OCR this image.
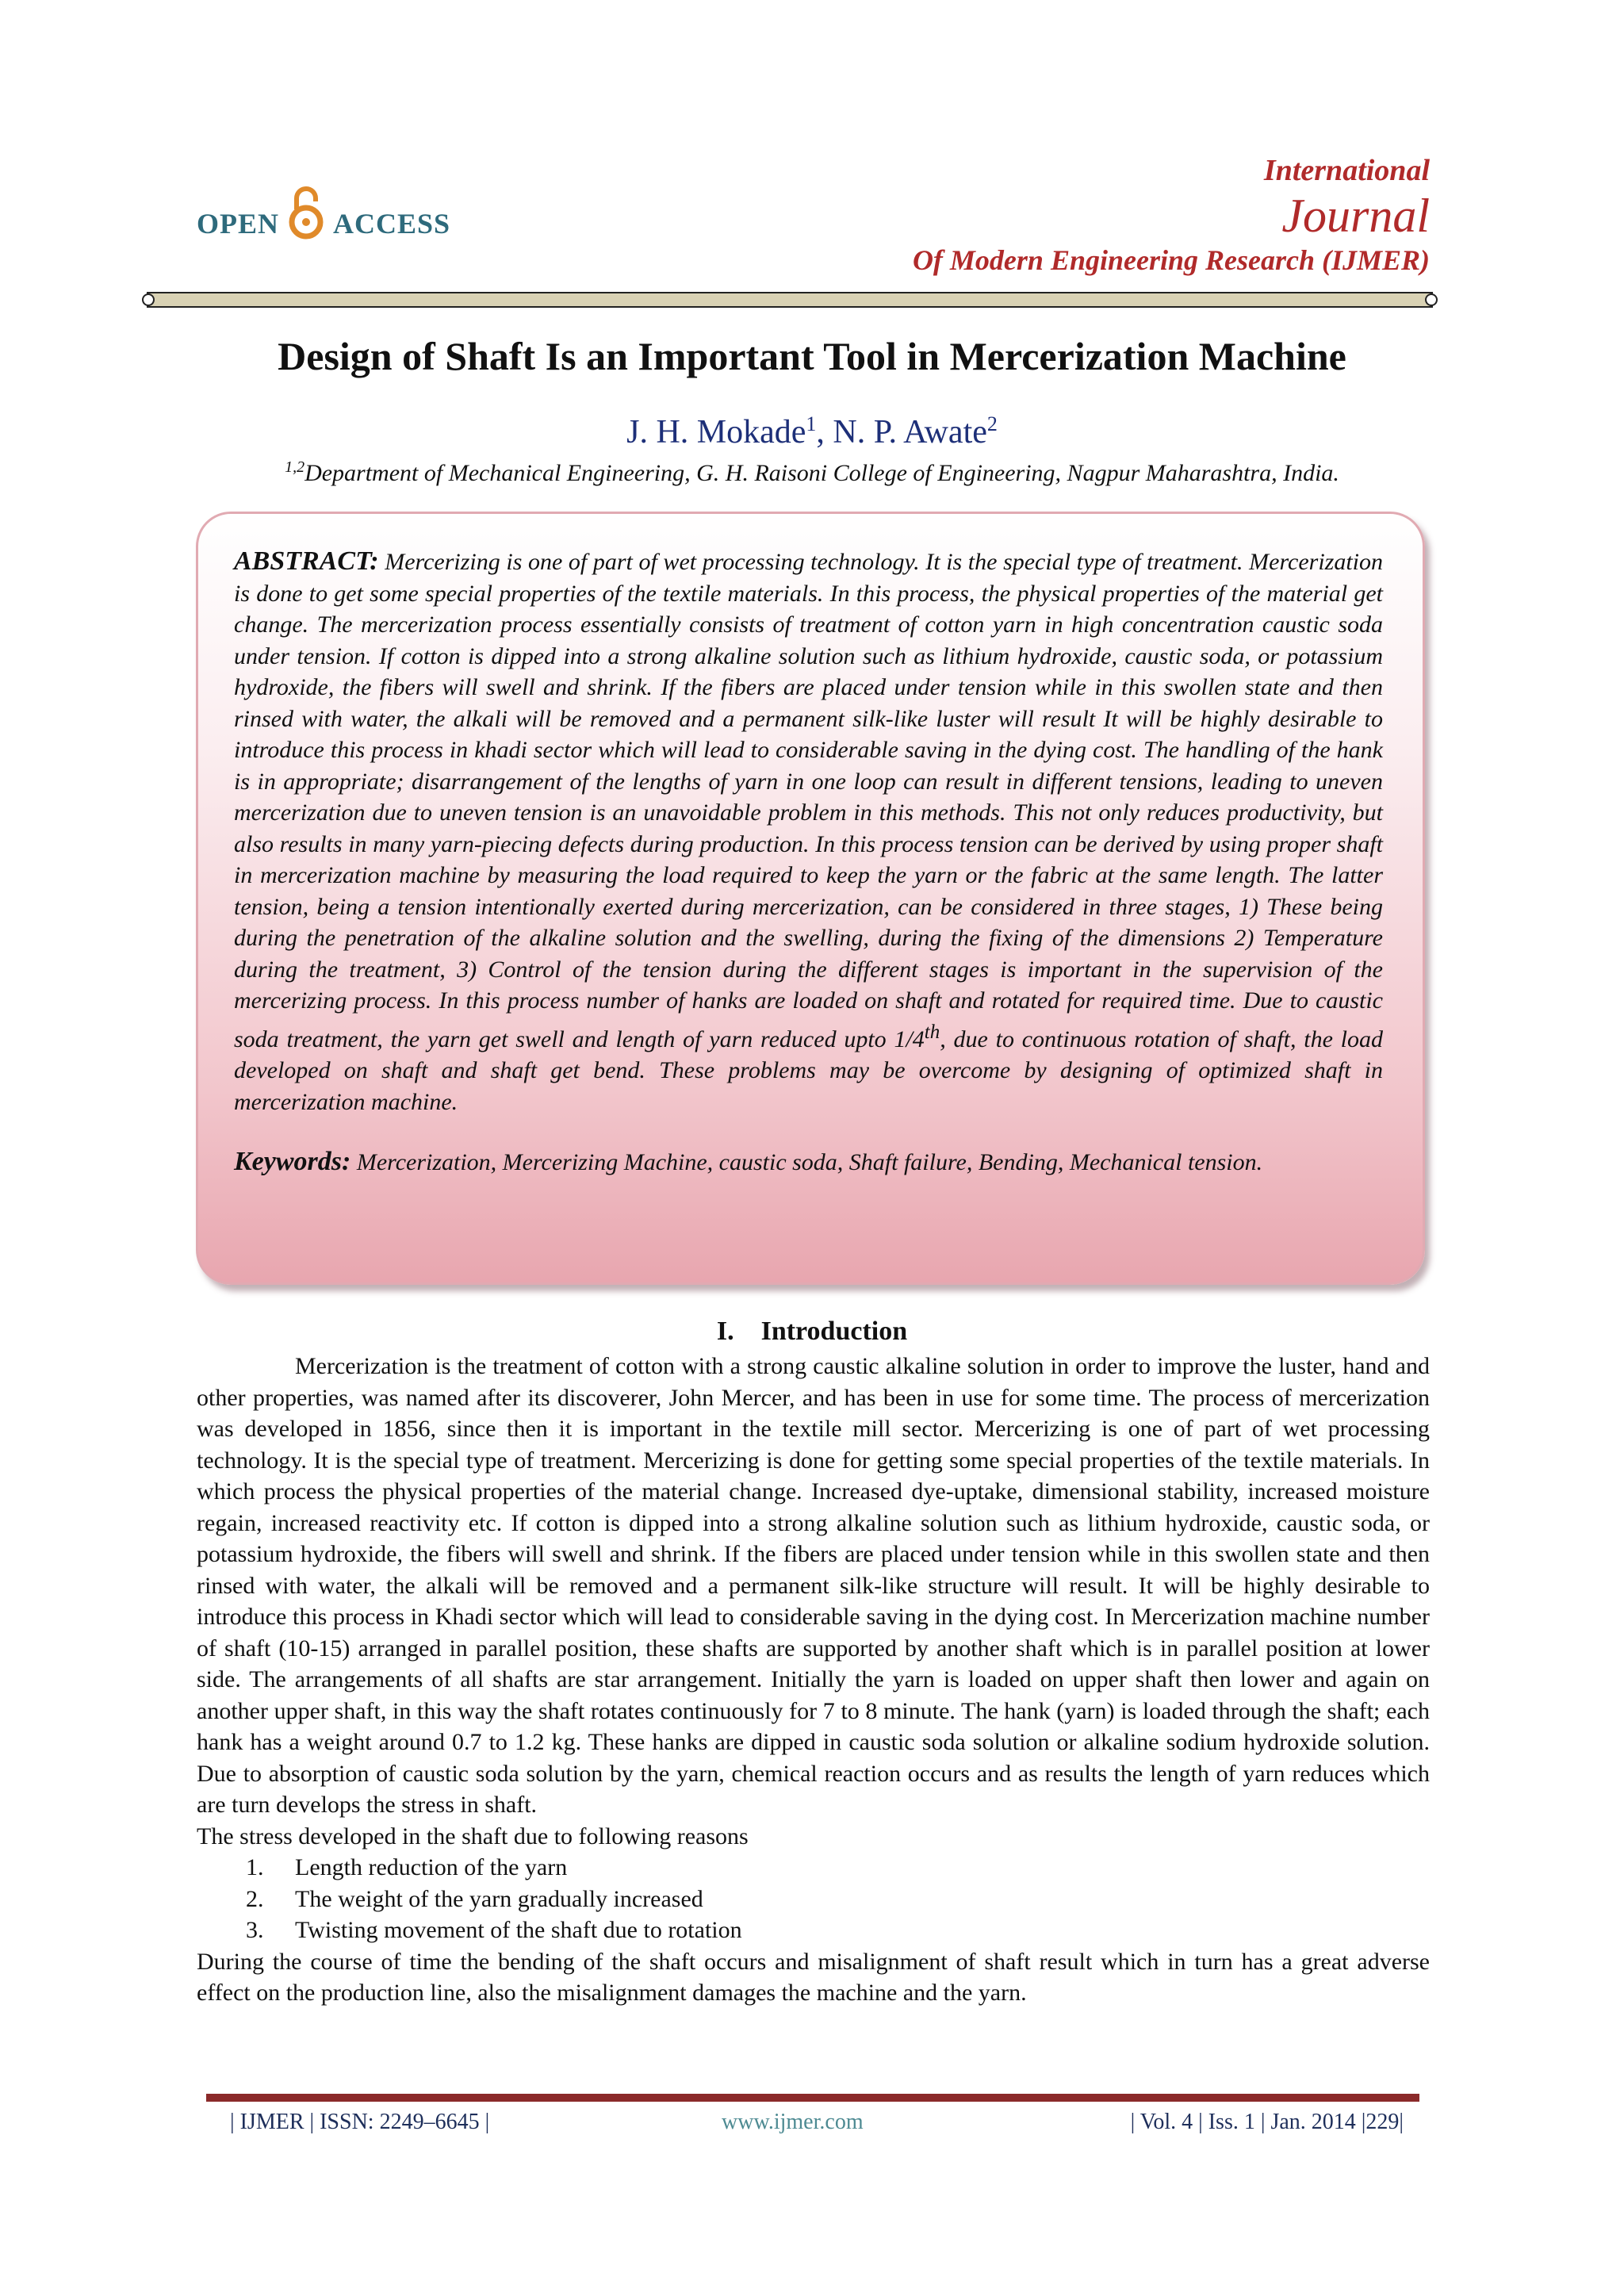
OPEN ACCESS
International
Journal
Of Modern Engineering Research (IJMER)
Design of Shaft Is an Important Tool in Mercerization Machine
J. H. Mokade$^1$, N. P. Awate$^2$
$^{1,2}$Department of Mechanical Engineering, G. H. Raisoni College of Engineering, Nagpur Maharashtra, India.

ABSTRACT: Mercerizing is one of part of wet processing technology. It is the special type of treatment. Mercerization is done to get some special properties of the textile materials. In this process, the physical properties of the material get change. The mercerization process essentially consists of treatment of cotton yarn in high concentration caustic soda under tension. If cotton is dipped into a strong alkaline solution such as lithium hydroxide, caustic soda, or potassium hydroxide, the fibers will swell and shrink. If the fibers are placed under tension while in this swollen state and then rinsed with water, the alkali will be removed and a permanent silk-like luster will result It will be highly desirable to introduce this process in khadi sector which will lead to considerable saving in the dying cost. The handling of the hank is in appropriate; disarrangement of the lengths of yarn in one loop can result in different tensions, leading to uneven mercerization due to uneven tension is an unavoidable problem in this methods. This not only reduces productivity, but also results in many yarn-piecing defects during production. In this process tension can be derived by using proper shaft in mercerization machine by measuring the load required to keep the yarn or the fabric at the same length. The latter tension, being a tension intentionally exerted during mercerization, can be considered in three stages, 1) These being during the penetration of the alkaline solution and the swelling, during the fixing of the dimensions 2) Temperature during the treatment, 3) Control of the tension during the different stages is important in the supervision of the mercerizing process. In this process number of hanks are loaded on shaft and rotated for required time. Due to caustic soda treatment, the yarn get swell and length of yarn reduced upto 1/4th, due to continuous rotation of shaft, the load developed on shaft and shaft get bend. These problems may be overcome by designing of optimized shaft in mercerization machine.

Keywords: Mercerization, Mercerizing Machine, caustic soda, Shaft failure, Bending, Mechanical tension.

I.    Introduction

Mercerization is the treatment of cotton with a strong caustic alkaline solution in order to improve the luster, hand and other properties, was named after its discoverer, John Mercer, and has been in use for some time. The process of mercerization was developed in 1856, since then it is important in the textile mill sector. Mercerizing is one of part of wet processing technology. It is the special type of treatment. Mercerizing is done for getting some special properties of the textile materials. In which process the physical properties of the material change. Increased dye-uptake, dimensional stability, increased moisture regain, increased reactivity etc. If cotton is dipped into a strong alkaline solution such as lithium hydroxide, caustic soda, or potassium hydroxide, the fibers will swell and shrink. If the fibers are placed under tension while in this swollen state and then rinsed with water, the alkali will be removed and a permanent silk-like structure will result. It will be highly desirable to introduce this process in Khadi sector which will lead to considerable saving in the dying cost. In Mercerization machine number of shaft (10-15) arranged in parallel position, these shafts are supported by another shaft which is in parallel position at lower side. The arrangements of all shafts are star arrangement. Initially the yarn is loaded on upper shaft then lower and again on another upper shaft, in this way the shaft rotates continuously for 7 to 8 minute. The hank (yarn) is loaded through the shaft; each hank has a weight around 0.7 to 1.2 kg. These hanks are dipped in caustic soda solution or alkaline sodium hydroxide solution. Due to absorption of caustic soda solution by the yarn, chemical reaction occurs and as results the length of yarn reduces which are turn develops the stress in shaft.

The stress developed in the shaft due to following reasons

1. Length reduction of the yarn
2. The weight of the yarn gradually increased
3. Twisting movement of the shaft due to rotation

During the course of time the bending of the shaft occurs and misalignment of shaft result which in turn has a great adverse effect on the production line, also the misalignment damages the machine and the yarn.

| IJMER | ISSN: 2249–6645 |	www.ijmer.com	| Vol. 4 | Iss. 1 | Jan. 2014 |229|
